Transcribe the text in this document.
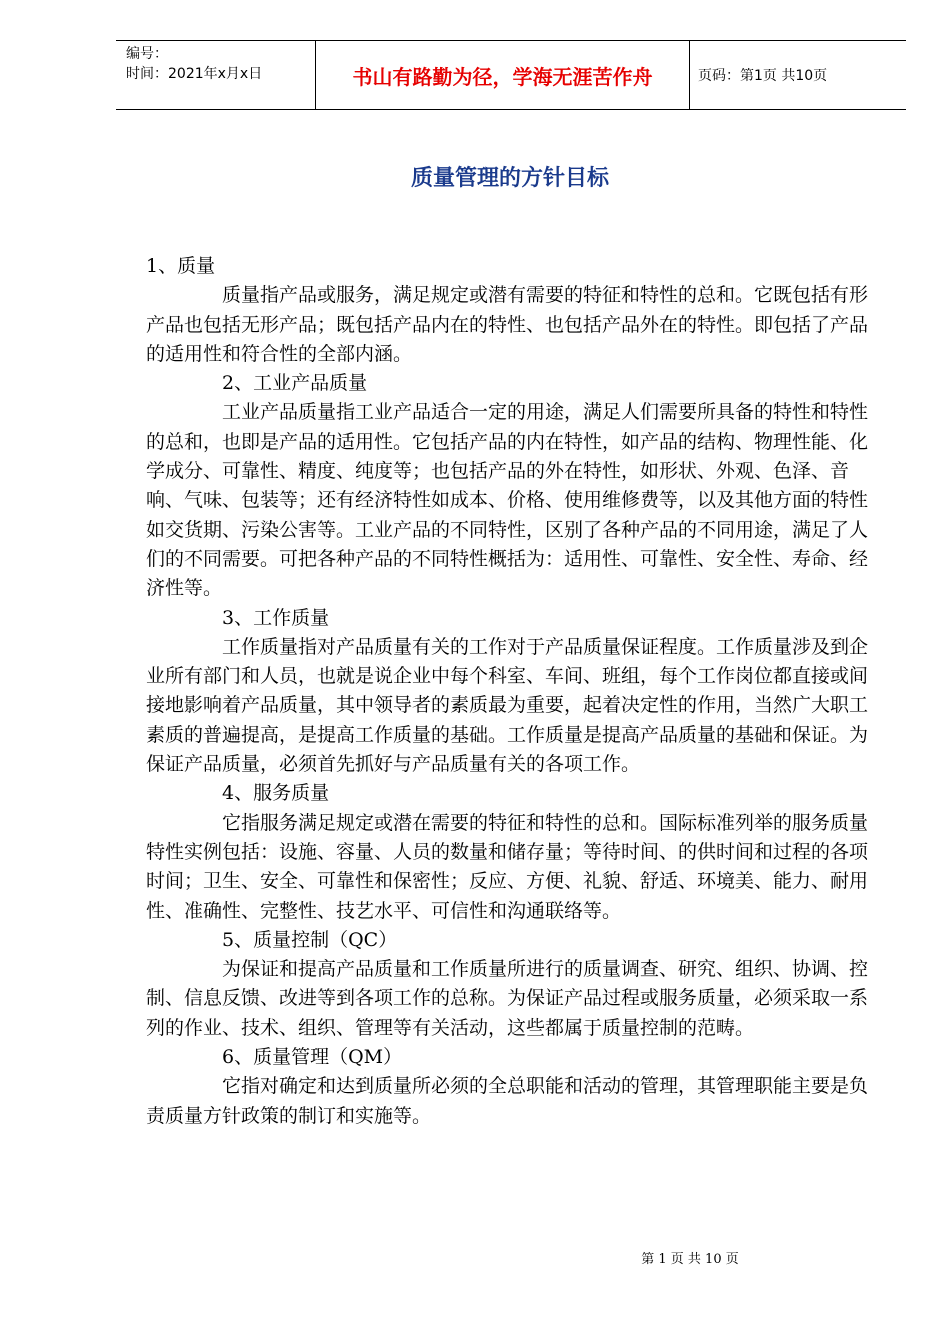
编号：
时间：2021年x月x日	书山有路勤为径，学海无涯苦作舟	页码：第1页 共10页
质量管理的方针目标

1、质量

质量指产品或服务，满足规定或潜有需要的特征和特性的总和。它既包括有形产品也包括无形产品；既包括产品内在的特性、也包括产品外在的特性。即包括了产品的适用性和符合性的全部内涵。

2、工业产品质量

工业产品质量指工业产品适合一定的用途，满足人们需要所具备的特性和特性的总和，也即是产品的适用性。它包括产品的内在特性，如产品的结构、物理性能、化学成分、可靠性、精度、纯度等；也包括产品的外在特性，如形状、外观、色泽、音响、气味、包装等；还有经济特性如成本、价格、使用维修费等，以及其他方面的特性如交货期、污染公害等。工业产品的不同特性，区别了各种产品的不同用途，满足了人们的不同需要。可把各种产品的不同特性概括为：适用性、可靠性、安全性、寿命、经济性等。

3、工作质量

工作质量指对产品质量有关的工作对于产品质量保证程度。工作质量涉及到企业所有部门和人员，也就是说企业中每个科室、车间、班组，每个工作岗位都直接或间接地影响着产品质量，其中领导者的素质最为重要，起着决定性的作用，当然广大职工素质的普遍提高，是提高工作质量的基础。工作质量是提高产品质量的基础和保证。为保证产品质量，必须首先抓好与产品质量有关的各项工作。

4、服务质量

它指服务满足规定或潜在需要的特征和特性的总和。国际标准列举的服务质量特性实例包括：设施、容量、人员的数量和储存量；等待时间、的供时间和过程的各项时间；卫生、安全、可靠性和保密性；反应、方便、礼貌、舒适、环境美、能力、耐用性、准确性、完整性、技艺水平、可信性和沟通联络等。

5、质量控制（QC）

为保证和提高产品质量和工作质量所进行的质量调查、研究、组织、协调、控制、信息反馈、改进等到各项工作的总称。为保证产品过程或服务质量，必须采取一系列的作业、技术、组织、管理等有关活动，这些都属于质量控制的范畴。

6、质量管理（QM）

它指对确定和达到质量所必须的全总职能和活动的管理，其管理职能主要是负责质量方针政策的制订和实施等。

第 1 页 共 10 页
